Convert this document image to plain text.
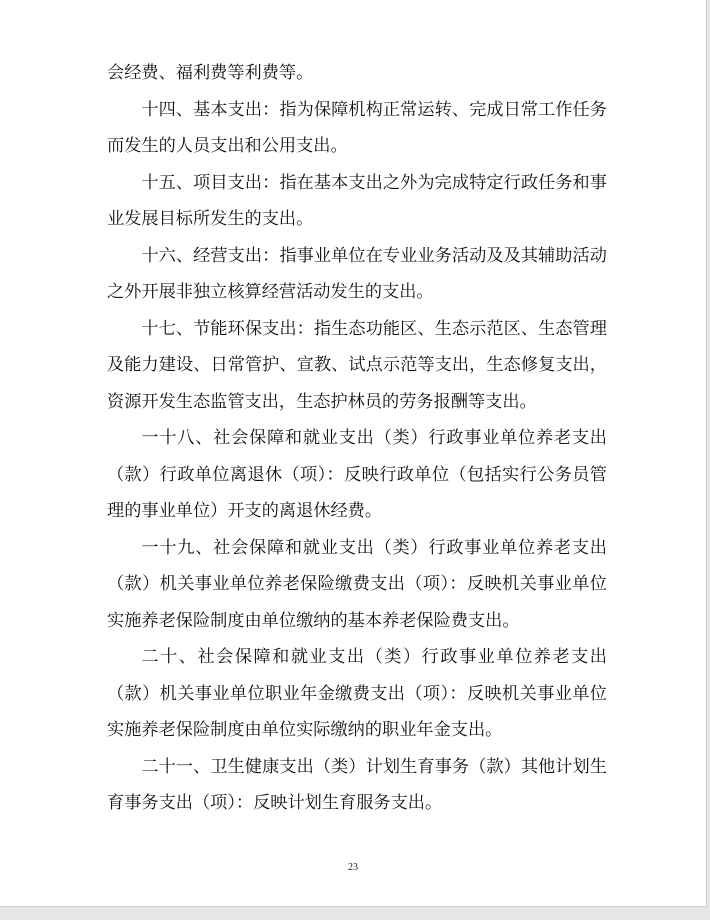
会经费、福利费等利费等。

十四、基本支出：指为保障机构正常运转、完成日常工作任务而发生的人员支出和公用支出。

十五、项目支出：指在基本支出之外为完成特定行政任务和事业发展目标所发生的支出。

十六、经营支出：指事业单位在专业业务活动及及其辅助活动之外开展非独立核算经营活动发生的支出。

十七、节能环保支出：指生态功能区、生态示范区、生态管理及能力建设、日常管护、宣教、试点示范等支出，生态修复支出，资源开发生态监管支出，生态护林员的劳务报酬等支出。

一十八、社会保障和就业支出（类）行政事业单位养老支出（款）行政单位离退休（项）：反映行政单位（包括实行公务员管理的事业单位）开支的离退休经费。

一十九、社会保障和就业支出（类）行政事业单位养老支出（款）机关事业单位养老保险缴费支出（项）：反映机关事业单位实施养老保险制度由单位缴纳的基本养老保险费支出。

二十、社会保障和就业支出（类）行政事业单位养老支出（款）机关事业单位职业年金缴费支出（项）：反映机关事业单位实施养老保险制度由单位实际缴纳的职业年金支出。

二十一、卫生健康支出（类）计划生育事务（款）其他计划生育事务支出（项）：反映计划生育服务支出。

23
